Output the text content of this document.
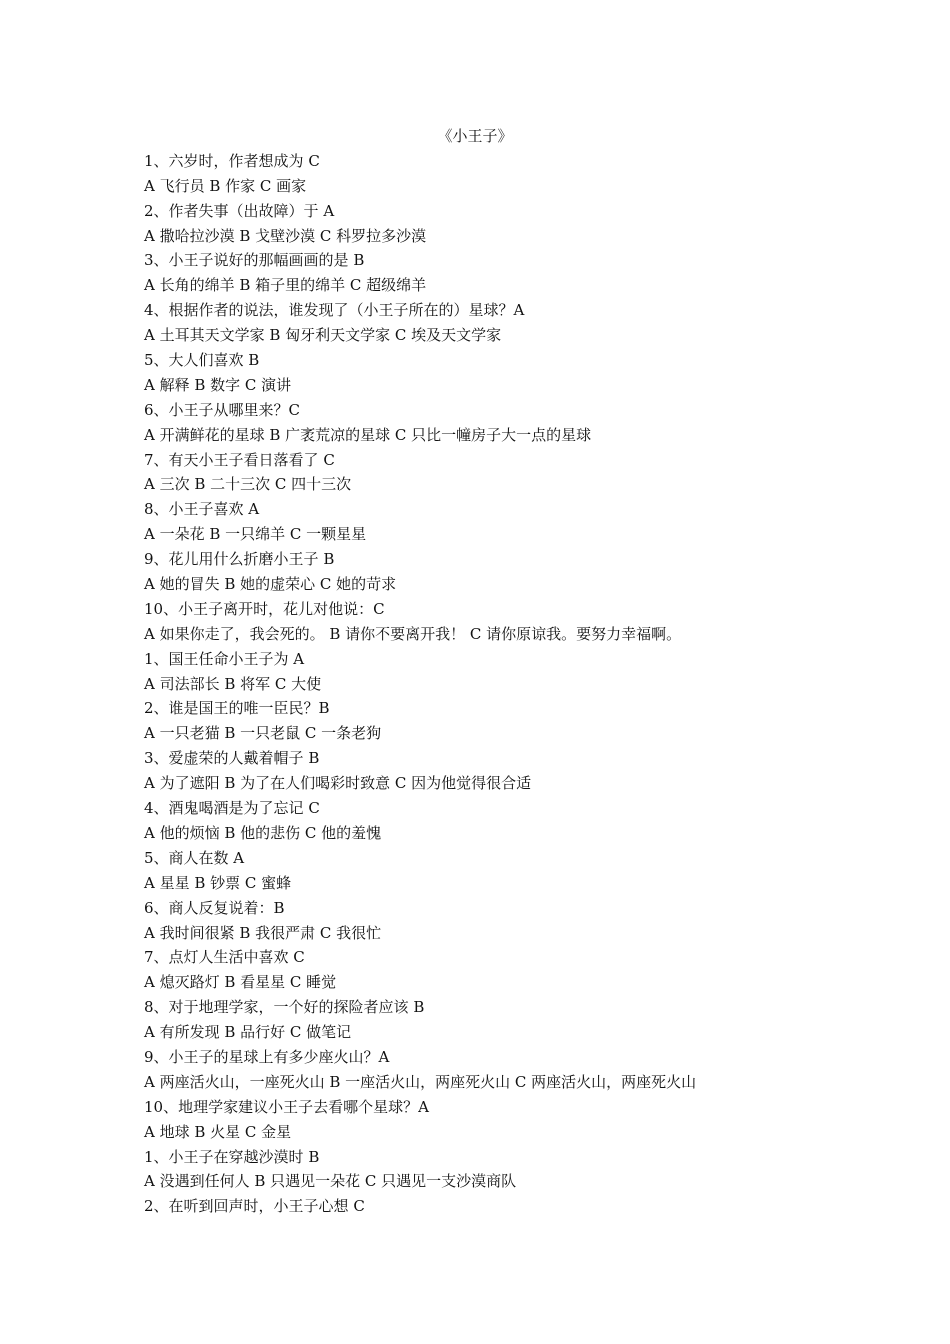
《小王子》
1、六岁时，作者想成为 C
A 飞行员 B 作家 C 画家
2、作者失事（出故障）于 A
A 撒哈拉沙漠 B 戈壁沙漠 C 科罗拉多沙漠
3、小王子说好的那幅画画的是 B
A 长角的绵羊 B 箱子里的绵羊 C 超级绵羊
4、根据作者的说法，谁发现了（小王子所在的）星球？A
A 土耳其天文学家 B 匈牙利天文学家 C 埃及天文学家
5、大人们喜欢 B
A 解释 B 数字 C 演讲
6、小王子从哪里来？C
A 开满鲜花的星球 B 广袤荒凉的星球 C 只比一幢房子大一点的星球
7、有天小王子看日落看了 C
A 三次 B 二十三次 C 四十三次
8、小王子喜欢 A
A 一朵花 B 一只绵羊 C 一颗星星
9、花儿用什么折磨小王子 B
A 她的冒失 B 她的虚荣心 C 她的苛求
10、小王子离开时，花儿对他说：C
A 如果你走了，我会死的。 B 请你不要离开我！ C 请你原谅我。要努力幸福啊。
1、国王任命小王子为 A
A 司法部长 B 将军 C 大使
2、谁是国王的唯一臣民？B
A 一只老猫 B 一只老鼠 C 一条老狗
3、爱虚荣的人戴着帽子 B
A 为了遮阳 B 为了在人们喝彩时致意 C 因为他觉得很合适
4、酒鬼喝酒是为了忘记 C
A 他的烦恼 B 他的悲伤 C 他的羞愧
5、商人在数 A
A 星星 B 钞票 C 蜜蜂
6、商人反复说着：B
A 我时间很紧 B 我很严肃 C 我很忙
7、点灯人生活中喜欢 C
A 熄灭路灯 B 看星星 C 睡觉
8、对于地理学家，一个好的探险者应该 B
A 有所发现 B 品行好 C 做笔记
9、小王子的星球上有多少座火山？A
A 两座活火山，一座死火山 B 一座活火山，两座死火山 C 两座活火山，两座死火山
10、地理学家建议小王子去看哪个星球？A
A 地球 B 火星 C 金星
1、小王子在穿越沙漠时 B
A 没遇到任何人 B 只遇见一朵花 C 只遇见一支沙漠商队
2、在听到回声时，小王子心想 C
